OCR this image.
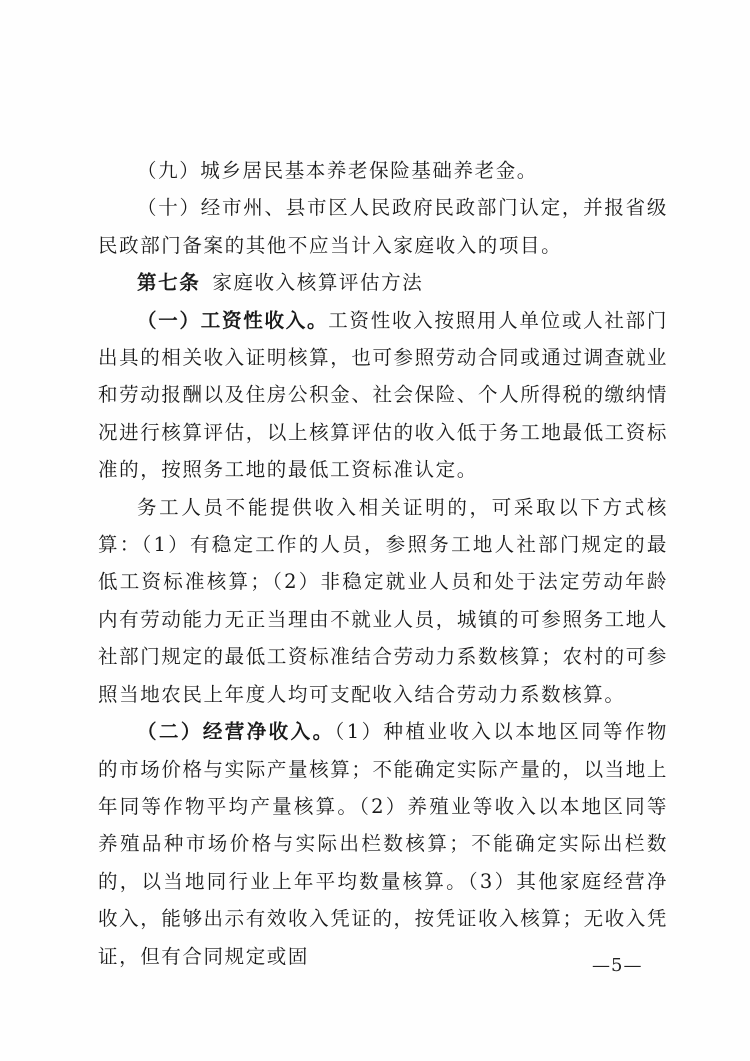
（九）城乡居民基本养老保险基础养老金。

（十）经市州、县市区人民政府民政部门认定，并报省级民政部门备案的其他不应当计入家庭收入的项目。

第七条 家庭收入核算评估方法

（一）工资性收入。工资性收入按照用人单位或人社部门出具的相关收入证明核算，也可参照劳动合同或通过调查就业和劳动报酬以及住房公积金、社会保险、个人所得税的缴纳情况进行核算评估，以上核算评估的收入低于务工地最低工资标准的，按照务工地的最低工资标准认定。

务工人员不能提供收入相关证明的，可采取以下方式核算：（1）有稳定工作的人员，参照务工地人社部门规定的最低工资标准核算；（2）非稳定就业人员和处于法定劳动年龄内有劳动能力无正当理由不就业人员，城镇的可参照务工地人社部门规定的最低工资标准结合劳动力系数核算；农村的可参照当地农民上年度人均可支配收入结合劳动力系数核算。

（二）经营净收入。（1）种植业收入以本地区同等作物的市场价格与实际产量核算；不能确定实际产量的，以当地上年同等作物平均产量核算。（2）养殖业等收入以本地区同等养殖品种市场价格与实际出栏数核算；不能确定实际出栏数的，以当地同行业上年平均数量核算。（3）其他家庭经营净收入，能够出示有效收入凭证的，按凭证收入核算；无收入凭证，但有合同规定或固	—5—
